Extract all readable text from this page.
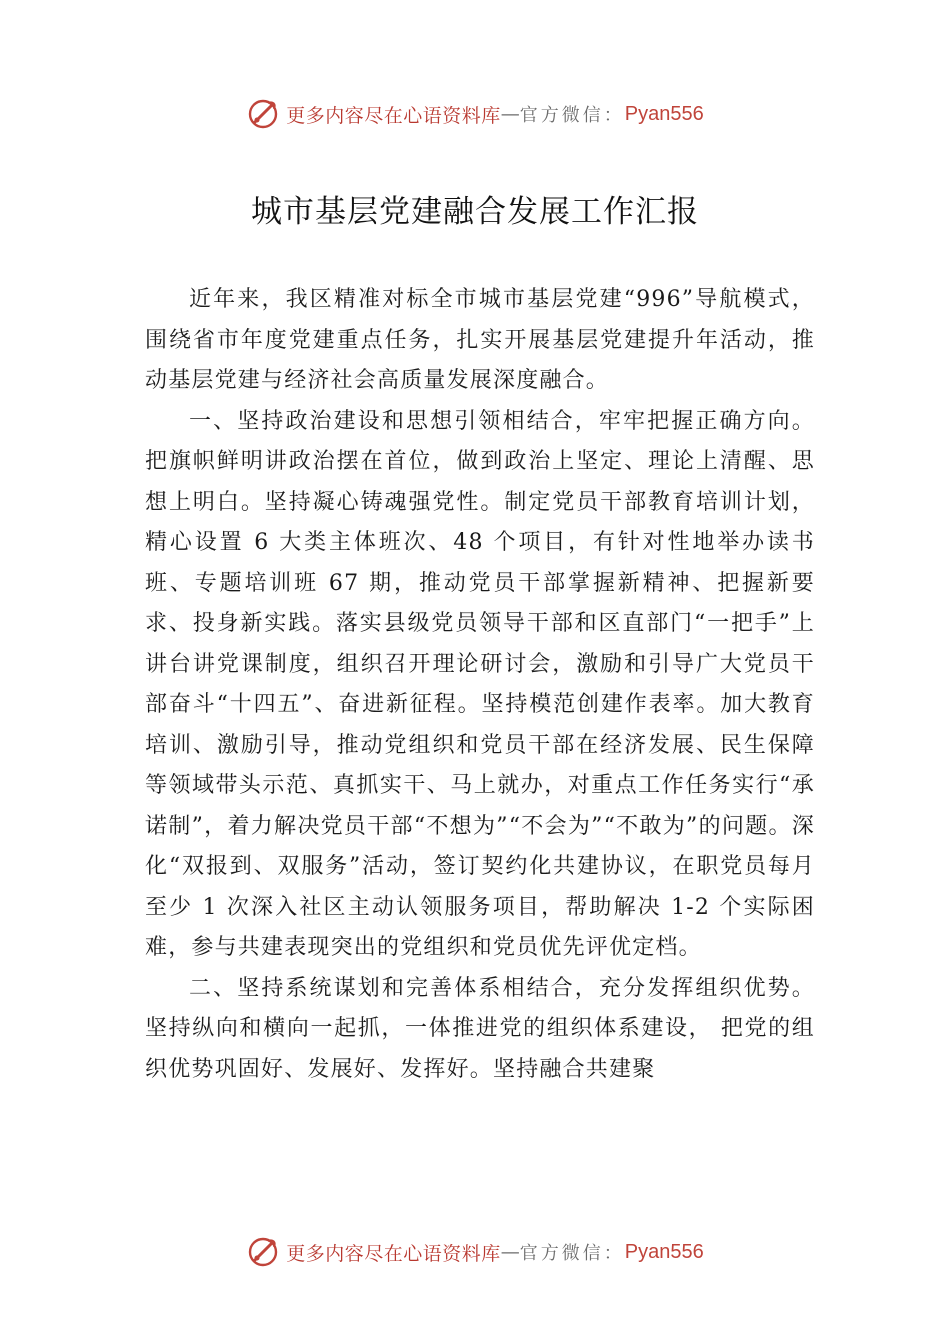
更多内容尽在心语资料库 — 官方微信： Pyan556
城市基层党建融合发展工作汇报

近年来，我区精准对标全市城市基层党建“996”导航模式，围绕省市年度党建重点任务，扎实开展基层党建提升年活动，推动基层党建与经济社会高质量发展深度融合。

一、坚持政治建设和思想引领相结合，牢牢把握正确方向。把旗帜鲜明讲政治摆在首位，做到政治上坚定、理论上清醒、思想上明白。坚持凝心铸魂强党性。制定党员干部教育培训计划，精心设置 6 大类主体班次、48 个项目，有针对性地举办读书班、专题培训班 67 期，推动党员干部掌握新精神、把握新要求、投身新实践。落实县级党员领导干部和区直部门“一把手”上讲台讲党课制度，组织召开理论研讨会，激励和引导广大党员干部奋斗“十四五”、奋进新征程。坚持模范创建作表率。加大教育培训、激励引导，推动党组织和党员干部在经济发展、民生保障等领域带头示范、真抓实干、马上就办，对重点工作任务实行“承诺制”，着力解决党员干部“不想为”“不会为”“不敢为”的问题。深化“双报到、双服务”活动，签订契约化共建协议，在职党员每月至少 1 次深入社区主动认领服务项目，帮助解决 1-2 个实际困难，参与共建表现突出的党组织和党员优先评优定档。

二、坚持系统谋划和完善体系相结合，充分发挥组织优势。坚持纵向和横向一起抓，一体推进党的组织体系建设， 把党的组织优势巩固好、发展好、发挥好。坚持融合共建聚

更多内容尽在心语资料库 — 官方微信： Pyan556
